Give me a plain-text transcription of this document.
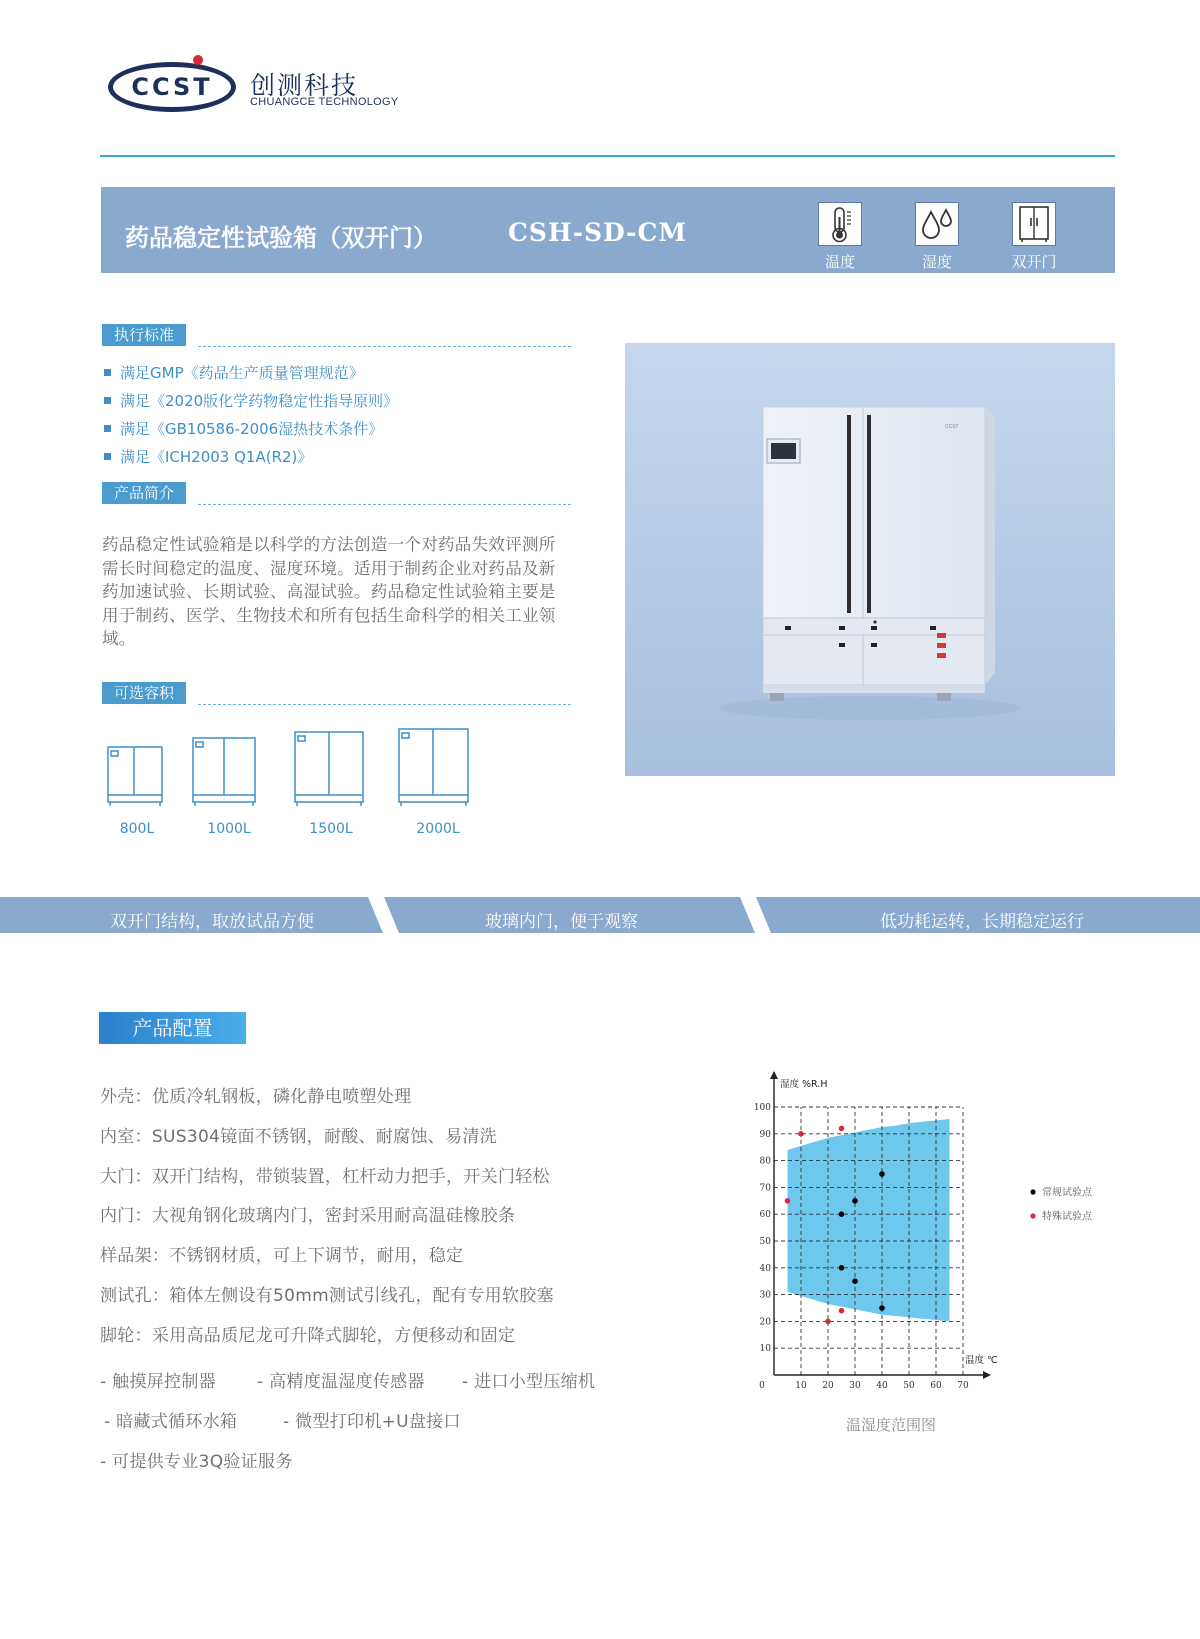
CCST 创测科技
CHUANGCE TECHNOLOGY
药品稳定性试验箱（双开门）	CSH-SD-CM
温度	湿度	双开门
执行标准
满足GMP《药品生产质量管理规范》
满足《2020版化学药物稳定性指导原则》
满足《GB10586-2006湿热技术条件》
满足《ICH2003 Q1A(R2)》
产品简介
药品稳定性试验箱是以科学的方法创造一个对药品失效评测所需长时间稳定的温度、湿度环境。适用于制药企业对药品及新药加速试验、长期试验、高湿试验。药品稳定性试验箱主要是用于制药、医学、生物技术和所有包括生命科学的相关工业领域。
可选容积
800L	1000L	1500L	2000L
CCST
双开门结构，取放试品方便	玻璃内门，便于观察	低功耗运转，长期稳定运行
产品配置
外壳：优质冷轧钢板，磷化静电喷塑处理
内室：SUS304镜面不锈钢，耐酸、耐腐蚀、易清洗
大门：双开门结构，带锁装置，杠杆动力把手，开关门轻松
内门：大视角钢化玻璃内门，密封采用耐高温硅橡胶条
样品架：不锈钢材质，可上下调节，耐用，稳定
测试孔：箱体左侧设有50mm测试引线孔，配有专用软胶塞
脚轮：采用高品质尼龙可升降式脚轮，方便移动和固定
- 触摸屏控制器 - 高精度温湿度传感器 - 进口小型压缩机
- 暗藏式循环水箱	- 微型打印机+U盘接口
- 可提供专业3Q验证服务
0	10 20 30 40 50 60 70
10
20
30
40
50
60
70
80
90
100
湿度 %R.H
温度 ℃
常规试验点
特殊试验点
温湿度范围图
